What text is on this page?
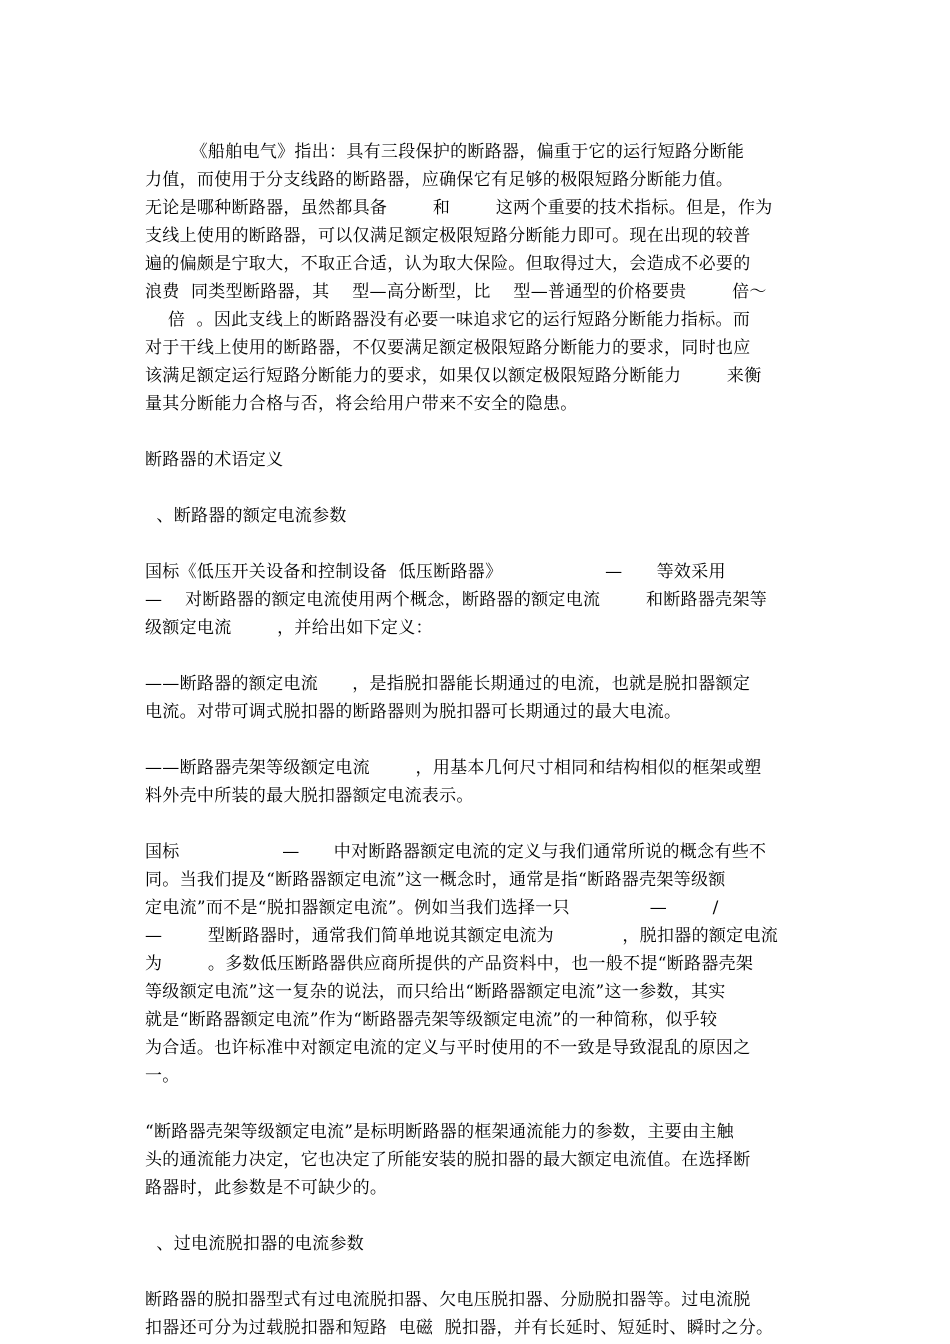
《船舶电气》指出：具有三段保护的断路器，偏重于它的运行短路分断能
力值，而使用于分支线路的断路器，应确保它有足够的极限短路分断能力值。
无论是哪种断路器，虽然都具备        和        这两个重要的技术指标。但是，作为
支线上使用的断路器，可以仅满足额定极限短路分断能力即可。现在出现的较普
遍的偏颇是宁取大，不取正合适，认为取大保险。但取得过大，会造成不必要的
浪费  同类型断路器，其    型—高分断型，比    型—普通型的价格要贵        倍～
倍  。因此支线上的断路器没有必要一味追求它的运行短路分断能力指标。而
对于干线上使用的断路器，不仅要满足额定极限短路分断能力的要求，同时也应
该满足额定运行短路分断能力的要求，如果仅以额定极限短路分断能力        来衡
量其分断能力合格与否，将会给用户带来不安全的隐患。
断路器的术语定义
、断路器的额定电流参数
国标《低压开关设备和控制设备  低压断路器》                  —      等效采用
—    对断路器的额定电流使用两个概念，断路器的额定电流        和断路器壳架等
级额定电流        ，并给出如下定义：
——断路器的额定电流      ，是指脱扣器能长期通过的电流，也就是脱扣器额定
电流。对带可调式脱扣器的断路器则为脱扣器可长期通过的最大电流。
——断路器壳架等级额定电流        ，用基本几何尺寸相同和结构相似的框架或塑
料外壳中所装的最大脱扣器额定电流表示。
国标                  —      中对断路器额定电流的定义与我们通常所说的概念有些不
同。当我们提及“断路器额定电流”这一概念时，通常是指“断路器壳架等级额
定电流”而不是“脱扣器额定电流”。例如当我们选择一只              —        /
—        型断路器时，通常我们简单地说其额定电流为            ，脱扣器的额定电流
为        。多数低压断路器供应商所提供的产品资料中，也一般不提“断路器壳架
等级额定电流”这一复杂的说法，而只给出“断路器额定电流”这一参数，其实
就是“断路器额定电流”作为“断路器壳架等级额定电流”的一种简称，似乎较
为合适。也许标准中对额定电流的定义与平时使用的不一致是导致混乱的原因之
一。
“断路器壳架等级额定电流”是标明断路器的框架通流能力的参数，主要由主触
头的通流能力决定，它也决定了所能安装的脱扣器的最大额定电流值。在选择断
路器时，此参数是不可缺少的。
、过电流脱扣器的电流参数
断路器的脱扣器型式有过电流脱扣器、欠电压脱扣器、分励脱扣器等。过电流脱
扣器还可分为过载脱扣器和短路  电磁  脱扣器，并有长延时、短延时、瞬时之分。
